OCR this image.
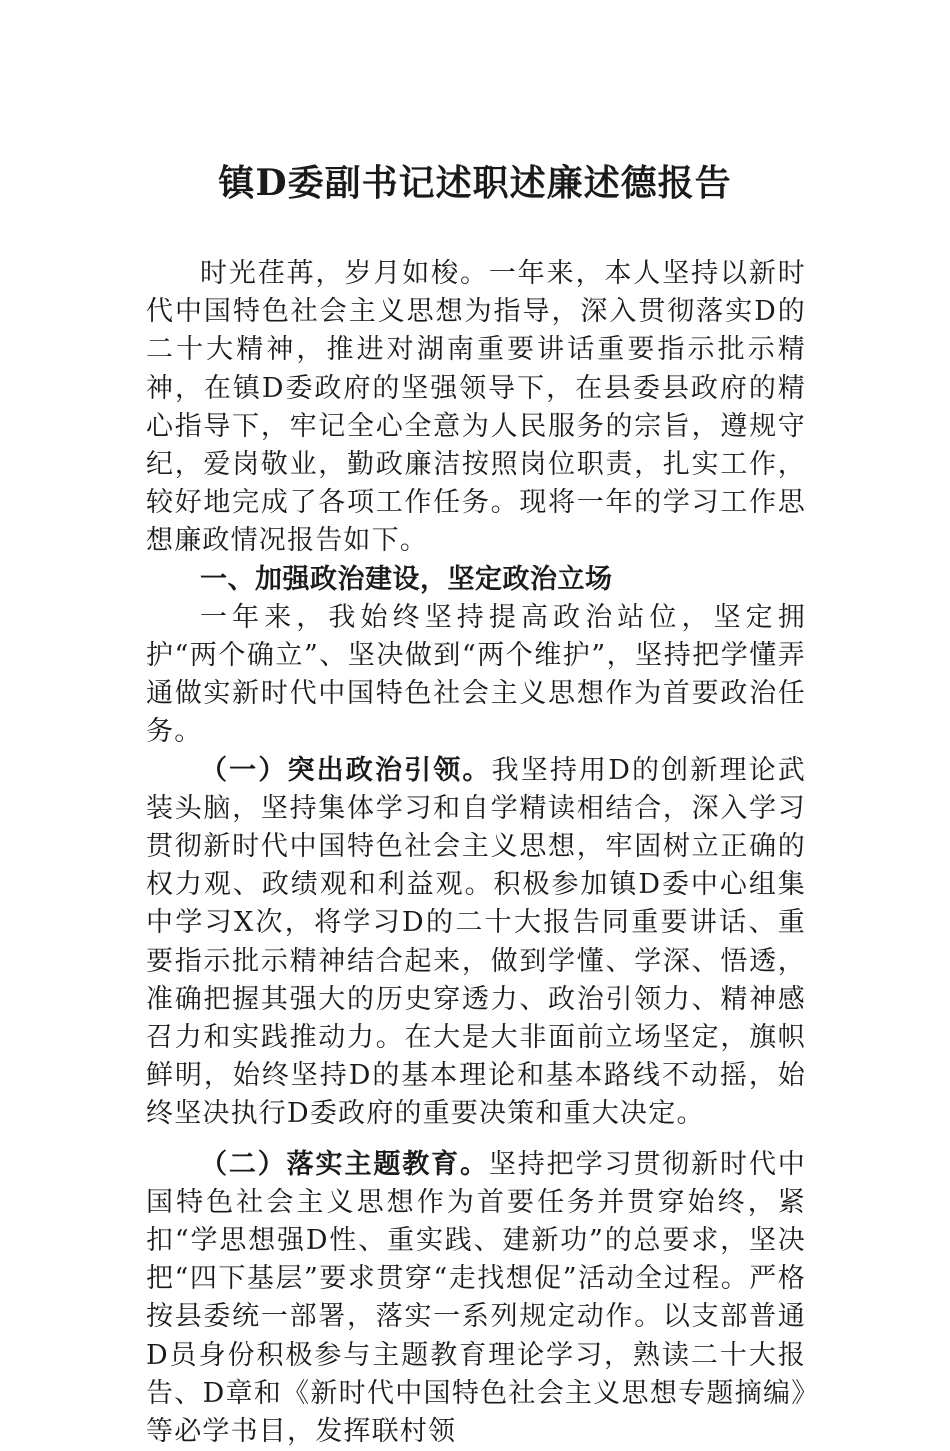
镇D委副书记述职述廉述德报告

时光荏苒，岁月如梭。一年来，本人坚持以新时代中国特色社会主义思想为指导，深入贯彻落实D的二十大精神，推进对湖南重要讲话重要指示批示精神，在镇D委政府的坚强领导下，在县委县政府的精心指导下，牢记全心全意为人民服务的宗旨，遵规守纪，爱岗敬业，勤政廉洁按照岗位职责，扎实工作，较好地完成了各项工作任务。现将一年的学习工作思想廉政情况报告如下。

一、加强政治建设，坚定政治立场

一年来，我始终坚持提高政治站位，坚定拥护“两个确立”、坚决做到“两个维护”，坚持把学懂弄通做实新时代中国特色社会主义思想作为首要政治任务。

（一）突出政治引领。我坚持用D的创新理论武装头脑，坚持集体学习和自学精读相结合，深入学习贯彻新时代中国特色社会主义思想，牢固树立正确的权力观、政绩观和利益观。积极参加镇D委中心组集中学习X次，将学习D的二十大报告同重要讲话、重要指示批示精神结合起来，做到学懂、学深、悟透，准确把握其强大的历史穿透力、政治引领力、精神感召力和实践推动力。在大是大非面前立场坚定，旗帜鲜明，始终坚持D的基本理论和基本路线不动摇，始终坚决执行D委政府的重要决策和重大决定。

（二）落实主题教育。坚持把学习贯彻新时代中国特色社会主义思想作为首要任务并贯穿始终，紧扣“学思想强D性、重实践、建新功”的总要求，坚决把“四下基层”要求贯穿“走找想促”活动全过程。严格按县委统一部署，落实一系列规定动作。以支部普通D员身份积极参与主题教育理论学习，熟读二十大报告、D章和《新时代中国特色社会主义思想专题摘编》等必学书目，发挥联村领
